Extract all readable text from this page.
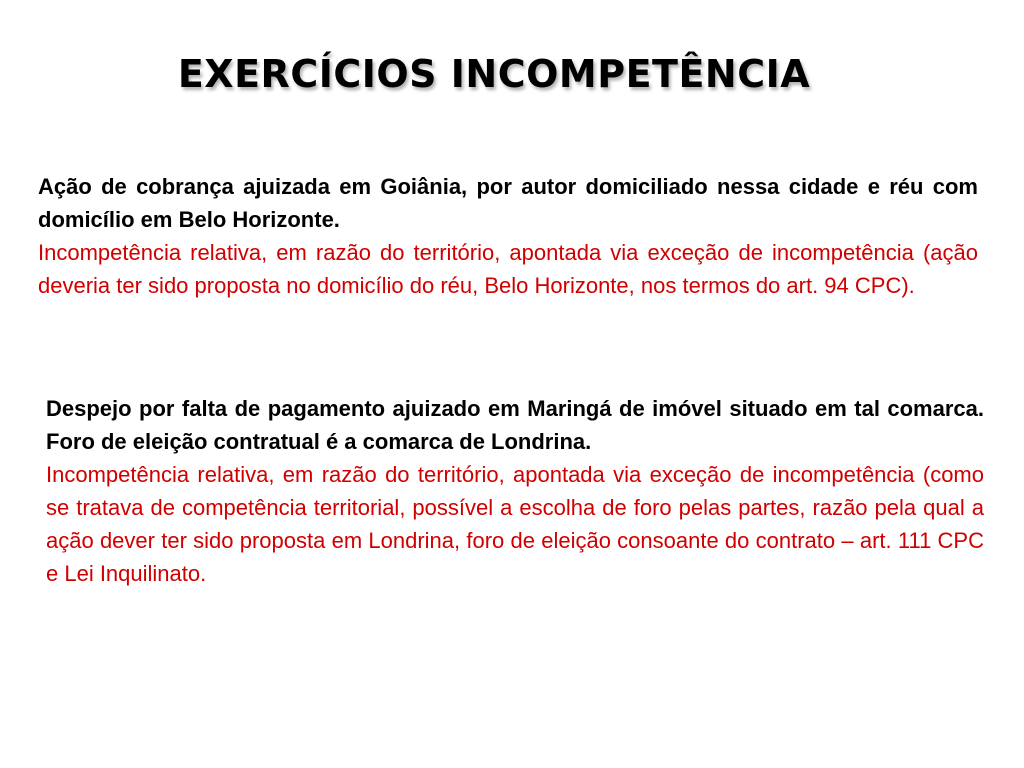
EXERCÍCIOS INCOMPETÊNCIA

Ação de cobrança ajuizada em Goiânia, por autor domiciliado nessa cidade e réu com domicílio em Belo Horizonte.

Incompetência relativa, em razão do território, apontada via exceção de incompetência (ação deveria ter sido proposta no domicílio do réu, Belo Horizonte, nos termos do art. 94 CPC).

Despejo por falta de pagamento ajuizado em Maringá de imóvel situado em tal comarca. Foro de eleição contratual é a comarca de Londrina.

Incompetência relativa, em razão do território, apontada via exceção de incompetência (como se tratava de competência territorial, possível a escolha de foro pelas partes, razão pela qual a ação dever ter sido proposta em Londrina, foro de eleição consoante do contrato – art. 111 CPC e Lei Inquilinato.
